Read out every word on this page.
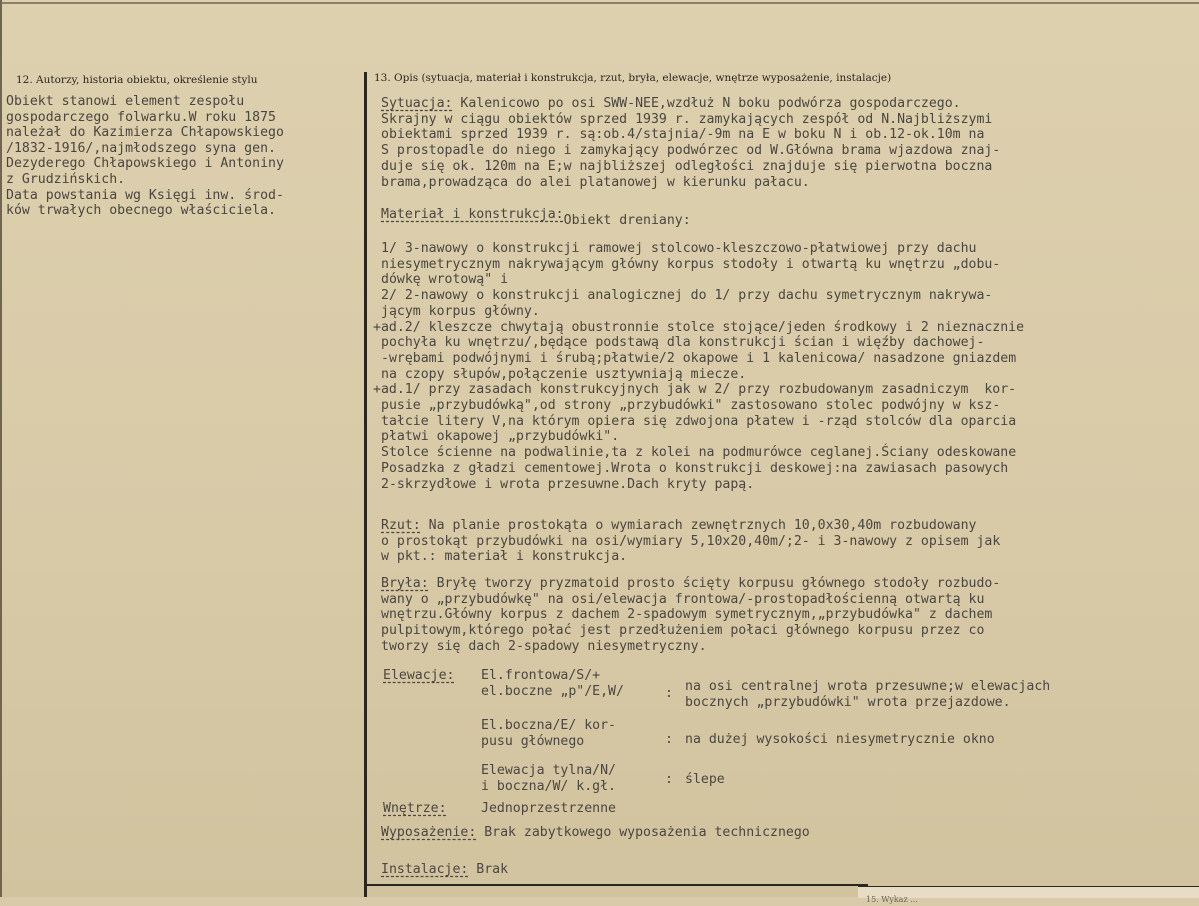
12. Autorzy, historia obiektu, określenie stylu	13. Opis (sytuacja, materiał i konstrukcja, rzut, bryła, elewacje, wnętrze wyposażenie, instalacje)
Obiekt stanowi element zespołu
gospodarczego folwarku.W roku 1875
należał do Kazimierza Chłapowskiego
/1832-1916/,najmłodszego syna gen.
Dezyderego Chłapowskiego i Antoniny
z Grudzińskich.
Data powstania wg Księgi inw. środ-
ków trwałych obecnego właściciela.
Sytuacja: Kalenicowo po osi SWW-NEE,wzdłuż N boku podwórza gospodarczego.
Skrajny w ciągu obiektów sprzed 1939 r. zamykających zespół od N.Najbliższymi
obiektami sprzed 1939 r. są:ob.4/stajnia/-9m na E w boku N i ob.12-ok.10m na
S prostopadle do niego i zamykający podwórzec od W.Główna brama wjazdowa znaj-
duje się ok. 120m na E;w najbliższej odległości znajduje się pierwotna boczna
brama,prowadząca do alei platanowej w kierunku pałacu.
Materiał i konstrukcja:Obiekt dreniany:
1/ 3-nawowy o konstrukcji ramowej stolcowo-kleszczowo-płatwiowej przy dachu
niesymetrycznym nakrywającym główny korpus stodoły i otwartą ku wnętrzu „dobu-
dówkę wrotową" i
2/ 2-nawowy o konstrukcji analogicznej do 1/ przy dachu symetrycznym nakrywa-
jącym korpus główny.
+ad.2/ kleszcze chwytają obustronnie stolce stojące/jeden środkowy i 2 nieznacznie
pochyła ku wnętrzu/,będące podstawą dla konstrukcji ścian i więźby dachowej-
-wrębami podwójnymi i śrubą;płatwie/2 okapowe i 1 kalenicowa/ nasadzone gniazdem
na czopy słupów,połączenie usztywniają miecze.
+ad.1/ przy zasadach konstrukcyjnych jak w 2/ przy rozbudowanym zasadniczym  kor-
pusie „przybudówką",od strony „przybudówki" zastosowano stolec podwójny w ksz-
tałcie litery V,na którym opiera się zdwojona płatew i -rząd stolców dla oparcia
płatwi okapowej „przybudówki".
Stolce ścienne na podwalinie,ta z kolei na podmurówce ceglanej.Ściany odeskowane
Posadzka z gładzi cementowej.Wrota o konstrukcji deskowej:na zawiasach pasowych
2-skrzydłowe i wrota przesuwne.Dach kryty papą.
Rzut: Na planie prostokąta o wymiarach zewnętrznych 10,0x30,40m rozbudowany
o prostokąt przybudówki na osi/wymiary 5,10x20,40m/;2- i 3-nawowy z opisem jak
w pkt.: materiał i konstrukcja.
Bryła: Bryłę tworzy pryzmatoid prosto ścięty korpusu głównego stodoły rozbudo-
wany o „przybudówkę" na osi/elewacja frontowa/-prostopadłościenną otwartą ku
wnętrzu.Główny korpus z dachem 2-spadowym symetrycznym,„przybudówka" z dachem
pulpitowym,którego połać jest przedłużeniem połaci głównego korpusu przez co
tworzy się dach 2-spadowy niesymetryczny.
Elewacje: El.frontowa/S/+
el.boczne „p"/E,W/	: na osi centralnej wrota przesuwne;w elewacjach
bocznych „przybudówki" wrota przejazdowe.
El.boczna/E/ kor-
pusu głównego	: na dużej wysokości niesymetrycznie okno
Elewacja tylna/N/
i boczna/W/ k.gł.	: ślepe
Wnętrze:	Jednoprzestrzenne
Wyposażenie: Brak zabytkowego wyposażenia technicznego
Instalacje: Brak
15. Wykaz ...
